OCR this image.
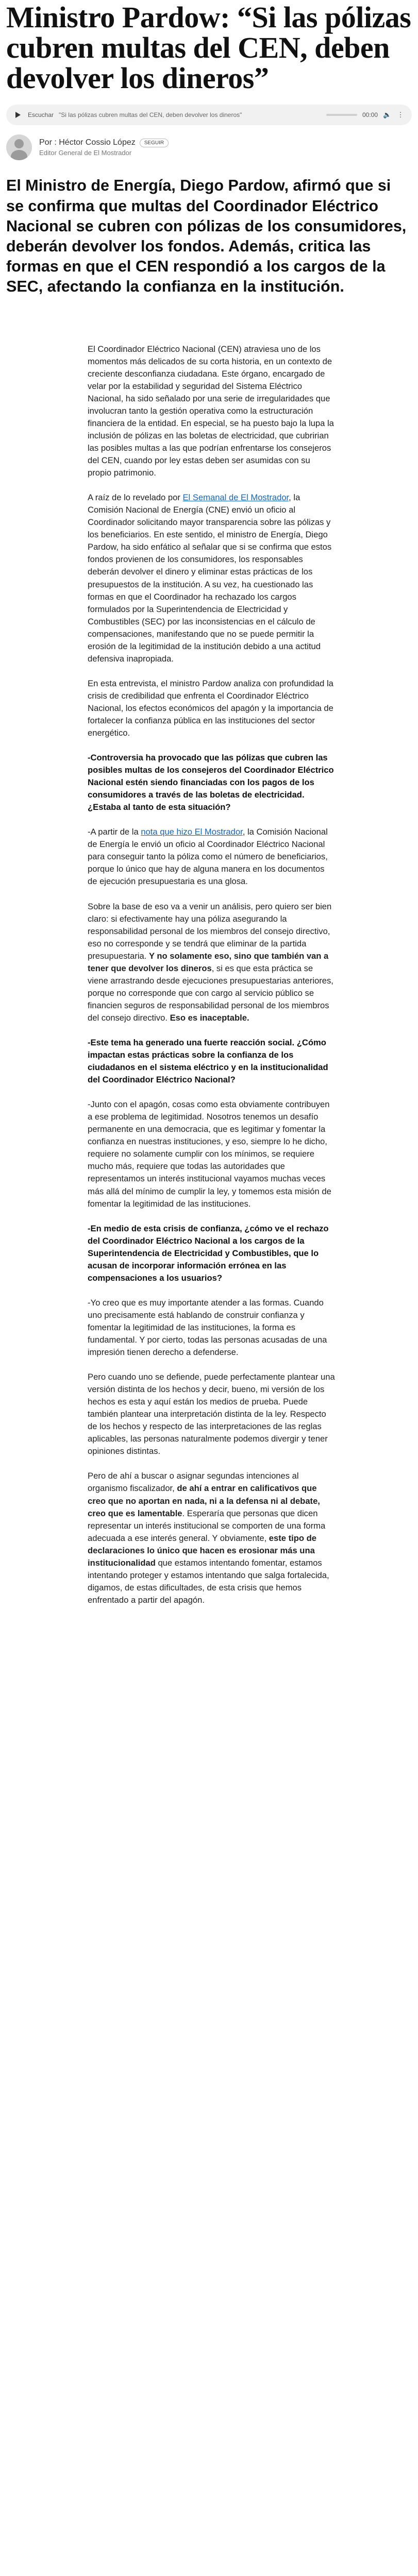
Ministro Pardow: “Si las pólizas cubren multas del CEN, deben devolver los dineros”
Escuchar "Si las pólizas cubren multas del CEN, deben devolver los dineros"	00:00 🔈 ⋮
Por : Héctor Cossio López	SEGUIR
Editor General de El Mostrador

El Ministro de Energía, Diego Pardow, afirmó que si se confirma que multas del Coordinador Eléctrico Nacional se cubren con pólizas de los consumidores, deberán devolver los fondos. Además, critica las formas en que el CEN respondió a los cargos de la SEC, afectando la confianza en la institución.

El Coordinador Eléctrico Nacional (CEN) atraviesa uno de los momentos más delicados de su corta historia, en un contexto de creciente desconfianza ciudadana. Este órgano, encargado de velar por la estabilidad y seguridad del Sistema Eléctrico Nacional, ha sido señalado por una serie de irregularidades que involucran tanto la gestión operativa como la estructuración financiera de la entidad. En especial, se ha puesto bajo la lupa la inclusión de pólizas en las boletas de electricidad, que cubririan las posibles multas a las que podrían enfrentarse los consejeros del CEN, cuando por ley estas deben ser asumidas con su propio patrimonio.

A raíz de lo revelado por El Semanal de El Mostrador, la Comisión Nacional de Energía (CNE) envió un oficio al Coordinador solicitando mayor transparencia sobre las pólizas y los beneficiarios. En este sentido, el ministro de Energía, Diego Pardow, ha sido enfático al señalar que si se confirma que estos fondos provienen de los consumidores, los responsables deberán devolver el dinero y eliminar estas prácticas de los presupuestos de la institución. A su vez, ha cuestionado las formas en que el Coordinador ha rechazado los cargos formulados por la Superintendencia de Electricidad y Combustibles (SEC) por las inconsistencias en el cálculo de compensaciones, manifestando que no se puede permitir la erosión de la legitimidad de la institución debido a una actitud defensiva inapropiada.

En esta entrevista, el ministro Pardow analiza con profundidad la crisis de credibilidad que enfrenta el Coordinador Eléctrico Nacional, los efectos económicos del apagón y la importancia de fortalecer la confianza pública en las instituciones del sector energético.

-Controversia ha provocado que las pólizas que cubren las posibles multas de los consejeros del Coordinador Eléctrico Nacional estén siendo financiadas con los pagos de los consumidores a través de las boletas de electricidad. ¿Estaba al tanto de esta situación?

-A partir de la nota que hizo El Mostrador, la Comisión Nacional de Energía le envió un oficio al Coordinador Eléctrico Nacional para conseguir tanto la póliza como el número de beneficiarios, porque lo único que hay de alguna manera en los documentos de ejecución presupuestaria es una glosa.

Sobre la base de eso va a venir un análisis, pero quiero ser bien claro: si efectivamente hay una póliza asegurando la responsabilidad personal de los miembros del consejo directivo, eso no corresponde y se tendrá que eliminar de la partida presupuestaria. Y no solamente eso, sino que también van a tener que devolver los dineros, si es que esta práctica se viene arrastrando desde ejecuciones presupuestarias anteriores, porque no corresponde que con cargo al servicio público se financien seguros de responsabilidad personal de los miembros del consejo directivo. Eso es inaceptable.

-Este tema ha generado una fuerte reacción social. ¿Cómo impactan estas prácticas sobre la confianza de los ciudadanos en el sistema eléctrico y en la institucionalidad del Coordinador Eléctrico Nacional?

-Junto con el apagón, cosas como esta obviamente contribuyen a ese problema de legitimidad. Nosotros tenemos un desafío permanente en una democracia, que es legitimar y fomentar la confianza en nuestras instituciones, y eso, siempre lo he dicho, requiere no solamente cumplir con los mínimos, se requiere mucho más, requiere que todas las autoridades que representamos un interés institucional vayamos muchas veces más allá del mínimo de cumplir la ley, y tomemos esta misión de fomentar la legitimidad de las instituciones.

-En medio de esta crisis de confianza, ¿cómo ve el rechazo del Coordinador Eléctrico Nacional a los cargos de la Superintendencia de Electricidad y Combustibles, que lo acusan de incorporar información errónea en las compensaciones a los usuarios?

-Yo creo que es muy importante atender a las formas. Cuando uno precisamente está hablando de construir confianza y fomentar la legitimidad de las instituciones, la forma es fundamental. Y por cierto, todas las personas acusadas de una impresión tienen derecho a defenderse.

Pero cuando uno se defiende, puede perfectamente plantear una versión distinta de los hechos y decir, bueno, mi versión de los hechos es esta y aquí están los medios de prueba. Puede también plantear una interpretación distinta de la ley. Respecto de los hechos y respecto de las interpretaciones de las reglas aplicables, las personas naturalmente podemos divergir y tener opiniones distintas.

Pero de ahí a buscar o asignar segundas intenciones al organismo fiscalizador, de ahí a entrar en calificativos que creo que no aportan en nada, ni a la defensa ni al debate, creo que es lamentable. Esperaría que personas que dicen representar un interés institucional se comporten de una forma adecuada a ese interés general. Y obviamente, este tipo de declaraciones lo único que hacen es erosionar más una institucionalidad que estamos intentando fomentar, estamos intentando proteger y estamos intentando que salga fortalecida, digamos, de estas dificultades, de esta crisis que hemos enfrentado a partir del apagón.
